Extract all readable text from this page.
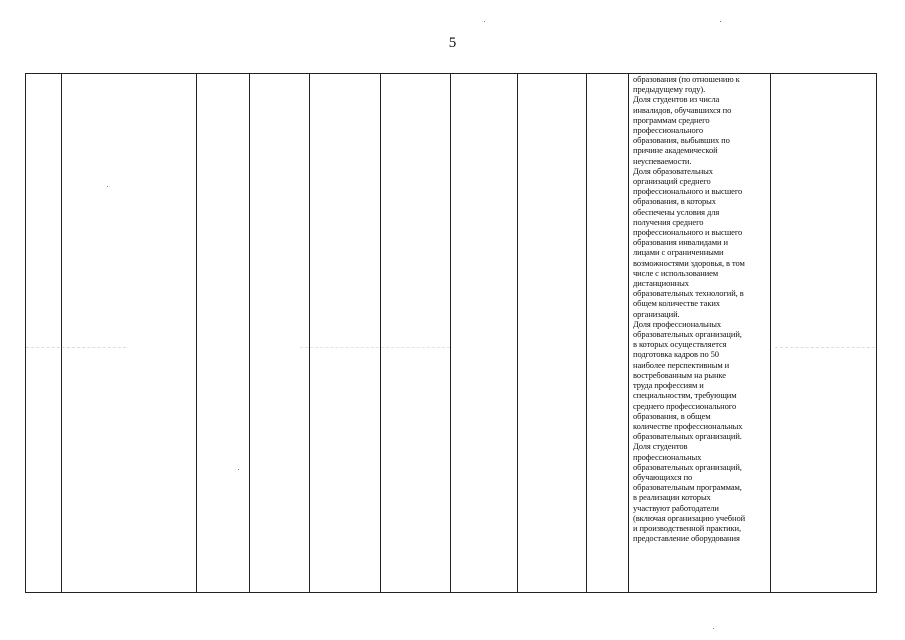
5

образования (по отношению к
предыдущему году).

Доля студентов из числа
инвалидов, обучавшихся по
программам среднего
профессионального
образования, выбывших по
причине академической
неуспеваемости.

Доля образовательных
организаций среднего
профессионального и высшего
образования, в которых
обеспечены условия для
получения среднего
профессионального и высшего
образования инвалидами и
лицами с ограниченными
возможностями здоровья, в том
числе с использованием
дистанционных
образовательных технологий, в
общем количестве таких
организаций.

Доля профессиональных
образовательных организаций,
в которых осуществляется
подготовка кадров по 50
наиболее перспективным и
востребованным на рынке
труда профессиям и
специальностям, требующим
среднего профессионального
образования, в общем
количестве профессиональных
образовательных организаций.

Доля студентов
профессиональных
образовательных организаций,
обучающихся по
образовательным программам,
в реализации которых
участвуют работодатели
(включая организацию учебной
и производственной практики,
предоставление оборудования
